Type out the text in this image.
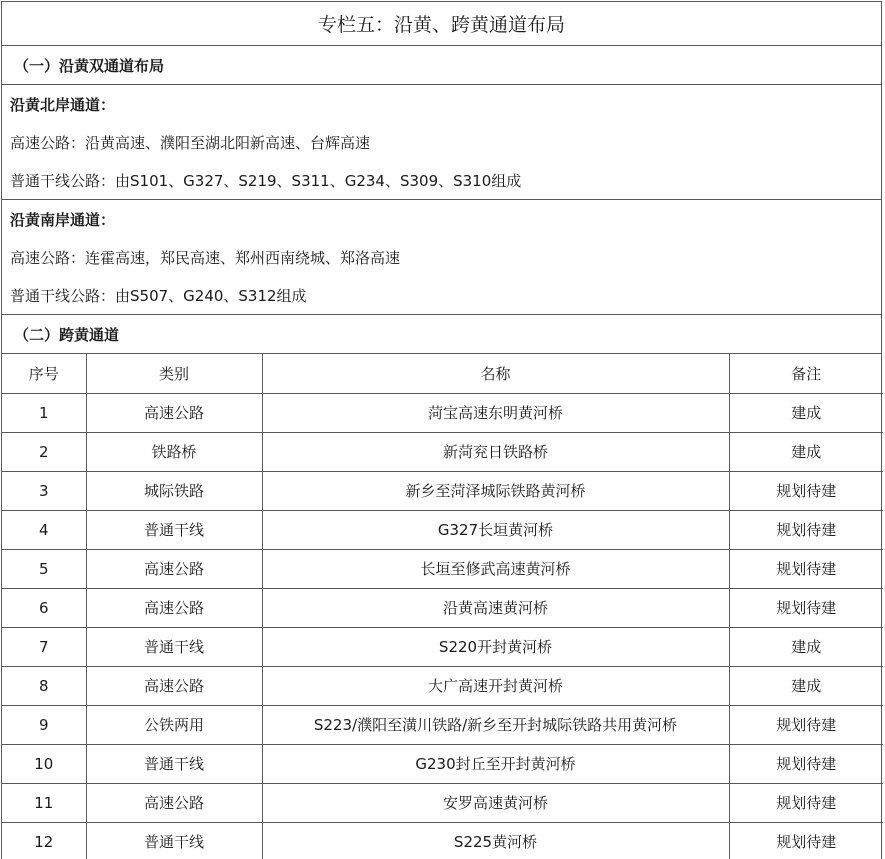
专栏五：沿黄、跨黄通道布局
（一）沿黄双通道布局
沿黄北岸通道：
高速公路：沿黄高速、濮阳至湖北阳新高速、台辉高速
普通干线公路：由S101、G327、S219、S311、G234、S309、S310组成
沿黄南岸通道：
高速公路：连霍高速，郑民高速、郑州西南绕城、郑洛高速
普通干线公路：由S507、G240、S312组成
（二）跨黄通道
序号	类别	名称	备注
1	高速公路	菏宝高速东明黄河桥	建成
2	铁路桥	新菏兖日铁路桥	建成
3	城际铁路	新乡至菏泽城际铁路黄河桥	规划待建
4	普通干线	G327长垣黄河桥	规划待建
5	高速公路	长垣至修武高速黄河桥	规划待建
6	高速公路	沿黄高速黄河桥	规划待建
7	普通干线	S220开封黄河桥	建成
8	高速公路	大广高速开封黄河桥	建成
9	公铁两用	S223/濮阳至潢川铁路/新乡至开封城际铁路共用黄河桥	规划待建
10	普通干线	G230封丘至开封黄河桥	规划待建
11	高速公路	安罗高速黄河桥	规划待建
12	普通干线	S225黄河桥	规划待建
